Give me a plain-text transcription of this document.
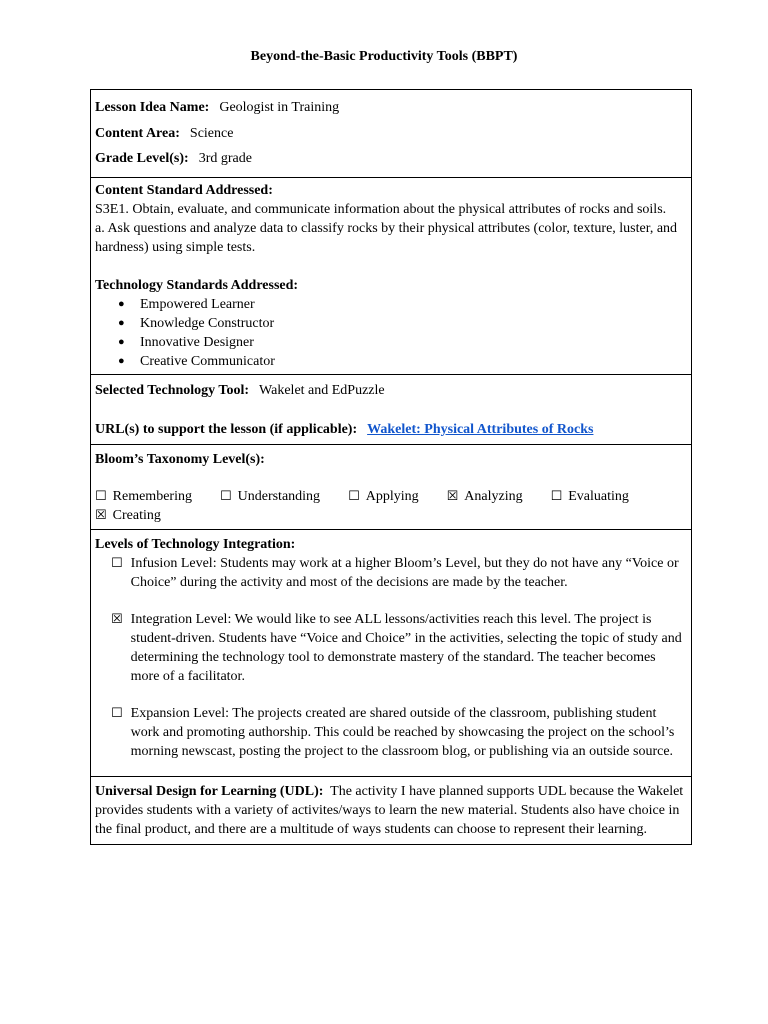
Beyond-the-Basic Productivity Tools (BBPT)
Lesson Idea Name: Geologist in Training
Content Area: Science
Grade Level(s): 3rd grade

Content Standard Addressed:
S3E1. Obtain, evaluate, and communicate information about the physical attributes of rocks and soils.
a. Ask questions and analyze data to classify rocks by their physical attributes (color, texture, luster, and hardness) using simple tests.
Technology Standards Addressed:
● Empowered Learner
● Knowledge Constructor
● Innovative Designer
● Creative Communicator

Selected Technology Tool: Wakelet and EdPuzzle
URL(s) to support the lesson (if applicable): Wakelet: Physical Attributes of Rocks

Bloom’s Taxonomy Level(s):
☐ Remembering ☐ Understanding ☐ Applying ☒ Analyzing ☐ Evaluating
☒ Creating

Levels of Technology Integration:
☐ Infusion Level: Students may work at a higher Bloom’s Level, but they do not have any “Voice or Choice” during the activity and most of the decisions are made by the teacher.
☒ Integration Level: We would like to see ALL lessons/activities reach this level. The project is student-driven. Students have “Voice and Choice” in the activities, selecting the topic of study and determining the technology tool to demonstrate mastery of the standard. The teacher becomes more of a facilitator.
☐ Expansion Level: The projects created are shared outside of the classroom, publishing student work and promoting authorship. This could be reached by showcasing the project on the school’s morning newscast, posting the project to the classroom blog, or publishing via an outside source.

Universal Design for Learning (UDL): The activity I have planned supports UDL because the Wakelet provides students with a variety of activites/ways to learn the new material. Students also have choice in the final product, and there are a multitude of ways students can choose to represent their learning.
